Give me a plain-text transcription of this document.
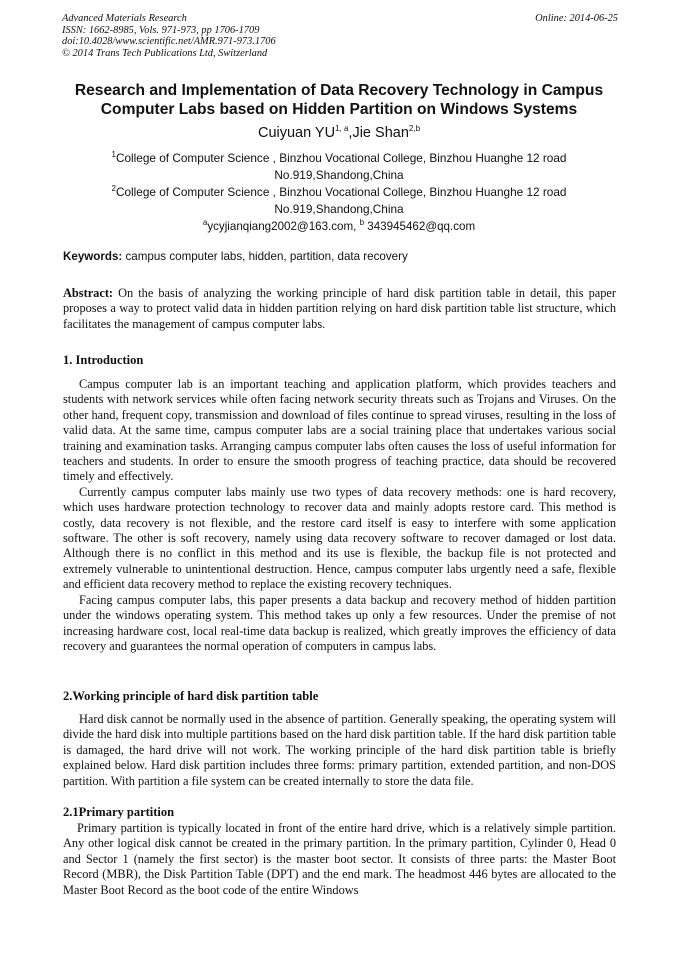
Advanced Materials Research
ISSN: 1662-8985, Vols. 971-973, pp 1706-1709
doi:10.4028/www.scientific.net/AMR.971-973.1706
© 2014 Trans Tech Publications Ltd, Switzerland
Online: 2014-06-25
Research and Implementation of Data Recovery Technology in Campus
Computer Labs based on Hidden Partition on Windows Systems
Cuiyuan YU$^{1, a}$,Jie Shan$^{2,b}$
$^1$College of Computer Science , Binzhou Vocational College, Binzhou Huanghe 12 road
No.919,Shandong,China
$^2$College of Computer Science , Binzhou Vocational College, Binzhou Huanghe 12 road
No.919,Shandong,China
$^a$ycyjianqiang2002@163.com, $^b$ 343945462@qq.com
Keywords: campus computer labs, hidden, partition, data recovery

Abstract: On the basis of analyzing the working principle of hard disk partition table in detail, this paper proposes a way to protect valid data in hidden partition relying on hard disk partition table list structure, which facilitates the management of campus computer labs.

1. Introduction

Campus computer lab is an important teaching and application platform, which provides teachers and students with network services while often facing network security threats such as Trojans and Viruses. On the other hand, frequent copy, transmission and download of files continue to spread viruses, resulting in the loss of valid data. At the same time, campus computer labs are a social training place that undertakes various social training and examination tasks. Arranging campus computer labs often causes the loss of useful information for teachers and students. In order to ensure the smooth progress of teaching practice, data should be recovered timely and effectively.

Currently campus computer labs mainly use two types of data recovery methods: one is hard recovery, which uses hardware protection technology to recover data and mainly adopts restore card. This method is costly, data recovery is not flexible, and the restore card itself is easy to interfere with some application software. The other is soft recovery, namely using data recovery software to recover damaged or lost data. Although there is no conflict in this method and its use is flexible, the backup file is not protected and extremely vulnerable to unintentional destruction. Hence, campus computer labs urgently need a safe, flexible and efficient data recovery method to replace the existing recovery techniques.

Facing campus computer labs, this paper presents a data backup and recovery method of hidden partition under the windows operating system. This method takes up only a few resources. Under the premise of not increasing hardware cost, local real-time data backup is realized, which greatly improves the efficiency of data recovery and guarantees the normal operation of computers in campus labs.

2.Working principle of hard disk partition table

Hard disk cannot be normally used in the absence of partition. Generally speaking, the operating system will divide the hard disk into multiple partitions based on the hard disk partition table. If the hard disk partition table is damaged, the hard drive will not work. The working principle of the hard disk partition table is briefly explained below. Hard disk partition includes three forms: primary partition, extended partition, and non-DOS partition. With partition a file system can be created internally to store the data file.

2.1Primary partition

Primary partition is typically located in front of the entire hard drive, which is a relatively simple partition. Any other logical disk cannot be created in the primary partition. In the primary partition, Cylinder 0, Head 0 and Sector 1 (namely the first sector) is the master boot sector. It consists of three parts: the Master Boot Record (MBR), the Disk Partition Table (DPT) and the end mark. The headmost 446 bytes are allocated to the Master Boot Record as the boot code of the entire Windows
